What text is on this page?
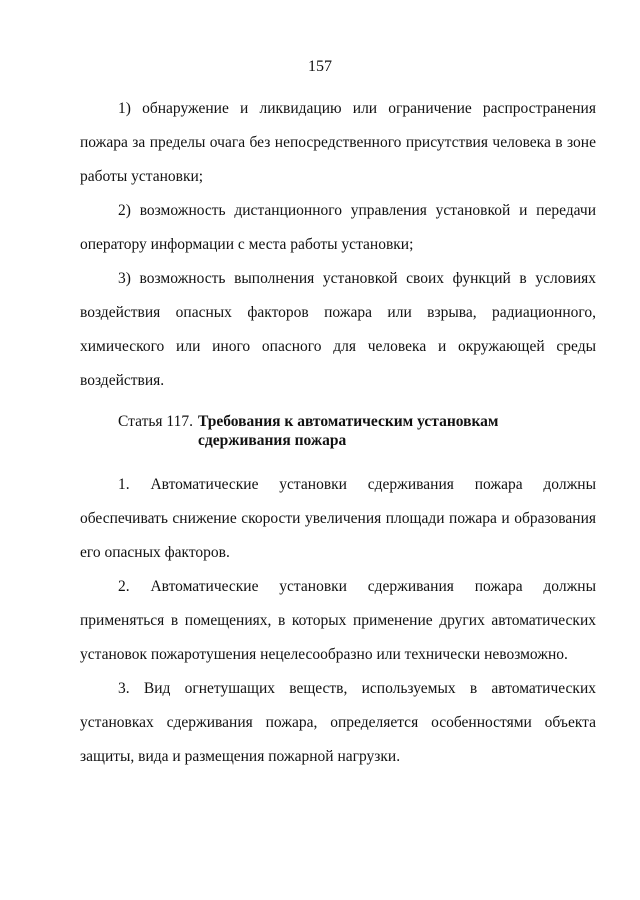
157

1) обнаружение и ликвидацию или ограничение распространения пожара за пределы очага без непосредственного присутствия человека в зоне работы установки;

2) возможность дистанционного управления установкой и передачи оператору информации с места работы установки;

3) возможность выполнения установкой своих функций в условиях воздействия опасных факторов пожара или взрыва, радиационного, химического или иного опасного для человека и окружающей среды воздействия.

Статья 117. Требования к автоматическим установкам сдерживания пожара

1. Автоматические установки сдерживания пожара должны обеспечивать снижение скорости увеличения площади пожара и образования его опасных факторов.

2. Автоматические установки сдерживания пожара должны применяться в помещениях, в которых применение других автоматических установок пожаротушения нецелесообразно или технически невозможно.

3. Вид огнетушащих веществ, используемых в автоматических установках сдерживания пожара, определяется особенностями объекта защиты, вида и размещения пожарной нагрузки.
